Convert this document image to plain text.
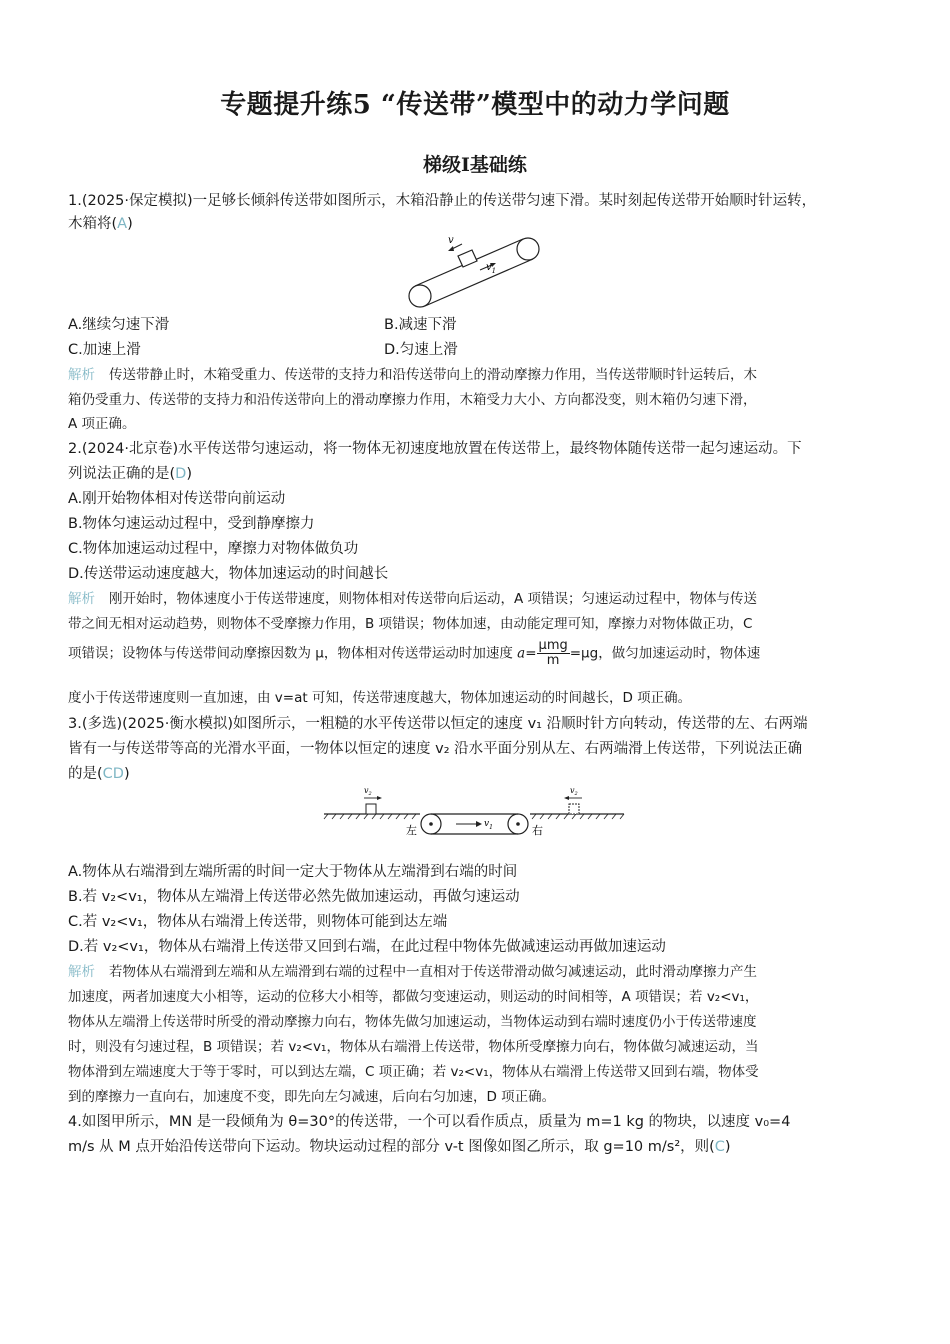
专题提升练5 “传送带”模型中的动力学问题
梯级Ⅰ基础练
1.(2025·保定模拟)一足够长倾斜传送带如图所示，木箱沿静止的传送带匀速下滑。某时刻起传送带开始顺时针运转，
木箱将(A)
v
$v_1$
A.继续匀速下滑	B.减速下滑
C.加速上滑	D.匀速上滑
解析 传送带静止时，木箱受重力、传送带的支持力和沿传送带向上的滑动摩擦力作用，当传送带顺时针运转后，木
箱仍受重力、传送带的支持力和沿传送带向上的滑动摩擦力作用，木箱受力大小、方向都没变，则木箱仍匀速下滑，
A 项正确。
2.(2024·北京卷)水平传送带匀速运动，将一物体无初速度地放置在传送带上，最终物体随传送带一起匀速运动。下
列说法正确的是(D)
A.刚开始物体相对传送带向前运动
B.物体匀速运动过程中，受到静摩擦力
C.物体加速运动过程中，摩擦力对物体做负功
D.传送带运动速度越大，物体加速运动的时间越长
解析 刚开始时，物体速度小于传送带速度，则物体相对传送带向后运动，A 项错误；匀速运动过程中，物体与传送
带之间无相对运动趋势，则物体不受摩擦力作用，B 项错误；物体加速，由动能定理可知，摩擦力对物体做正功，C
项错误；设物体与传送带间动摩擦因数为 μ，物体相对传送带运动时加速度 $a= \frac{\text{μmg}}{m} =\mu g$，做匀加速运动时，物体速
度小于传送带速度则一直加速，由 v=at 可知，传送带速度越大，物体加速运动的时间越长，D 项正确。
3.(多选)(2025·衡水模拟)如图所示，一粗糙的水平传送带以恒定的速度 v₁ 沿顺时针方向转动，传送带的左、右两端
皆有一与传送带等高的光滑水平面，一物体以恒定的速度 v₂ 沿水平面分别从左、右两端滑上传送带，下列说法正确
的是(CD)
$v_1$
$v_2$	$v_2$
左	右
A.物体从右端滑到左端所需的时间一定大于物体从左端滑到右端的时间
B.若 v₂<v₁，物体从左端滑上传送带必然先做加速运动，再做匀速运动
C.若 v₂<v₁，物体从右端滑上传送带，则物体可能到达左端
D.若 v₂<v₁，物体从右端滑上传送带又回到右端，在此过程中物体先做减速运动再做加速运动
解析 若物体从右端滑到左端和从左端滑到右端的过程中一直相对于传送带滑动做匀减速运动，此时滑动摩擦力产生
加速度，两者加速度大小相等，运动的位移大小相等，都做匀变速运动，则运动的时间相等，A 项错误；若 v₂<v₁，
物体从左端滑上传送带时所受的滑动摩擦力向右，物体先做匀加速运动，当物体运动到右端时速度仍小于传送带速度
时，则没有匀速过程，B 项错误；若 v₂<v₁，物体从右端滑上传送带，物体所受摩擦力向右，物体做匀减速运动，当
物体滑到左端速度大于等于零时，可以到达左端，C 项正确；若 v₂<v₁，物体从右端滑上传送带又回到右端，物体受
到的摩擦力一直向右，加速度不变，即先向左匀减速，后向右匀加速，D 项正确。
4.如图甲所示，MN 是一段倾角为 θ=30°的传送带，一个可以看作质点，质量为 m=1 kg 的物块，以速度 v₀=4
m/s 从 M 点开始沿传送带向下运动。物块运动过程的部分 v-t 图像如图乙所示，取 g=10 m/s²，则(C)
